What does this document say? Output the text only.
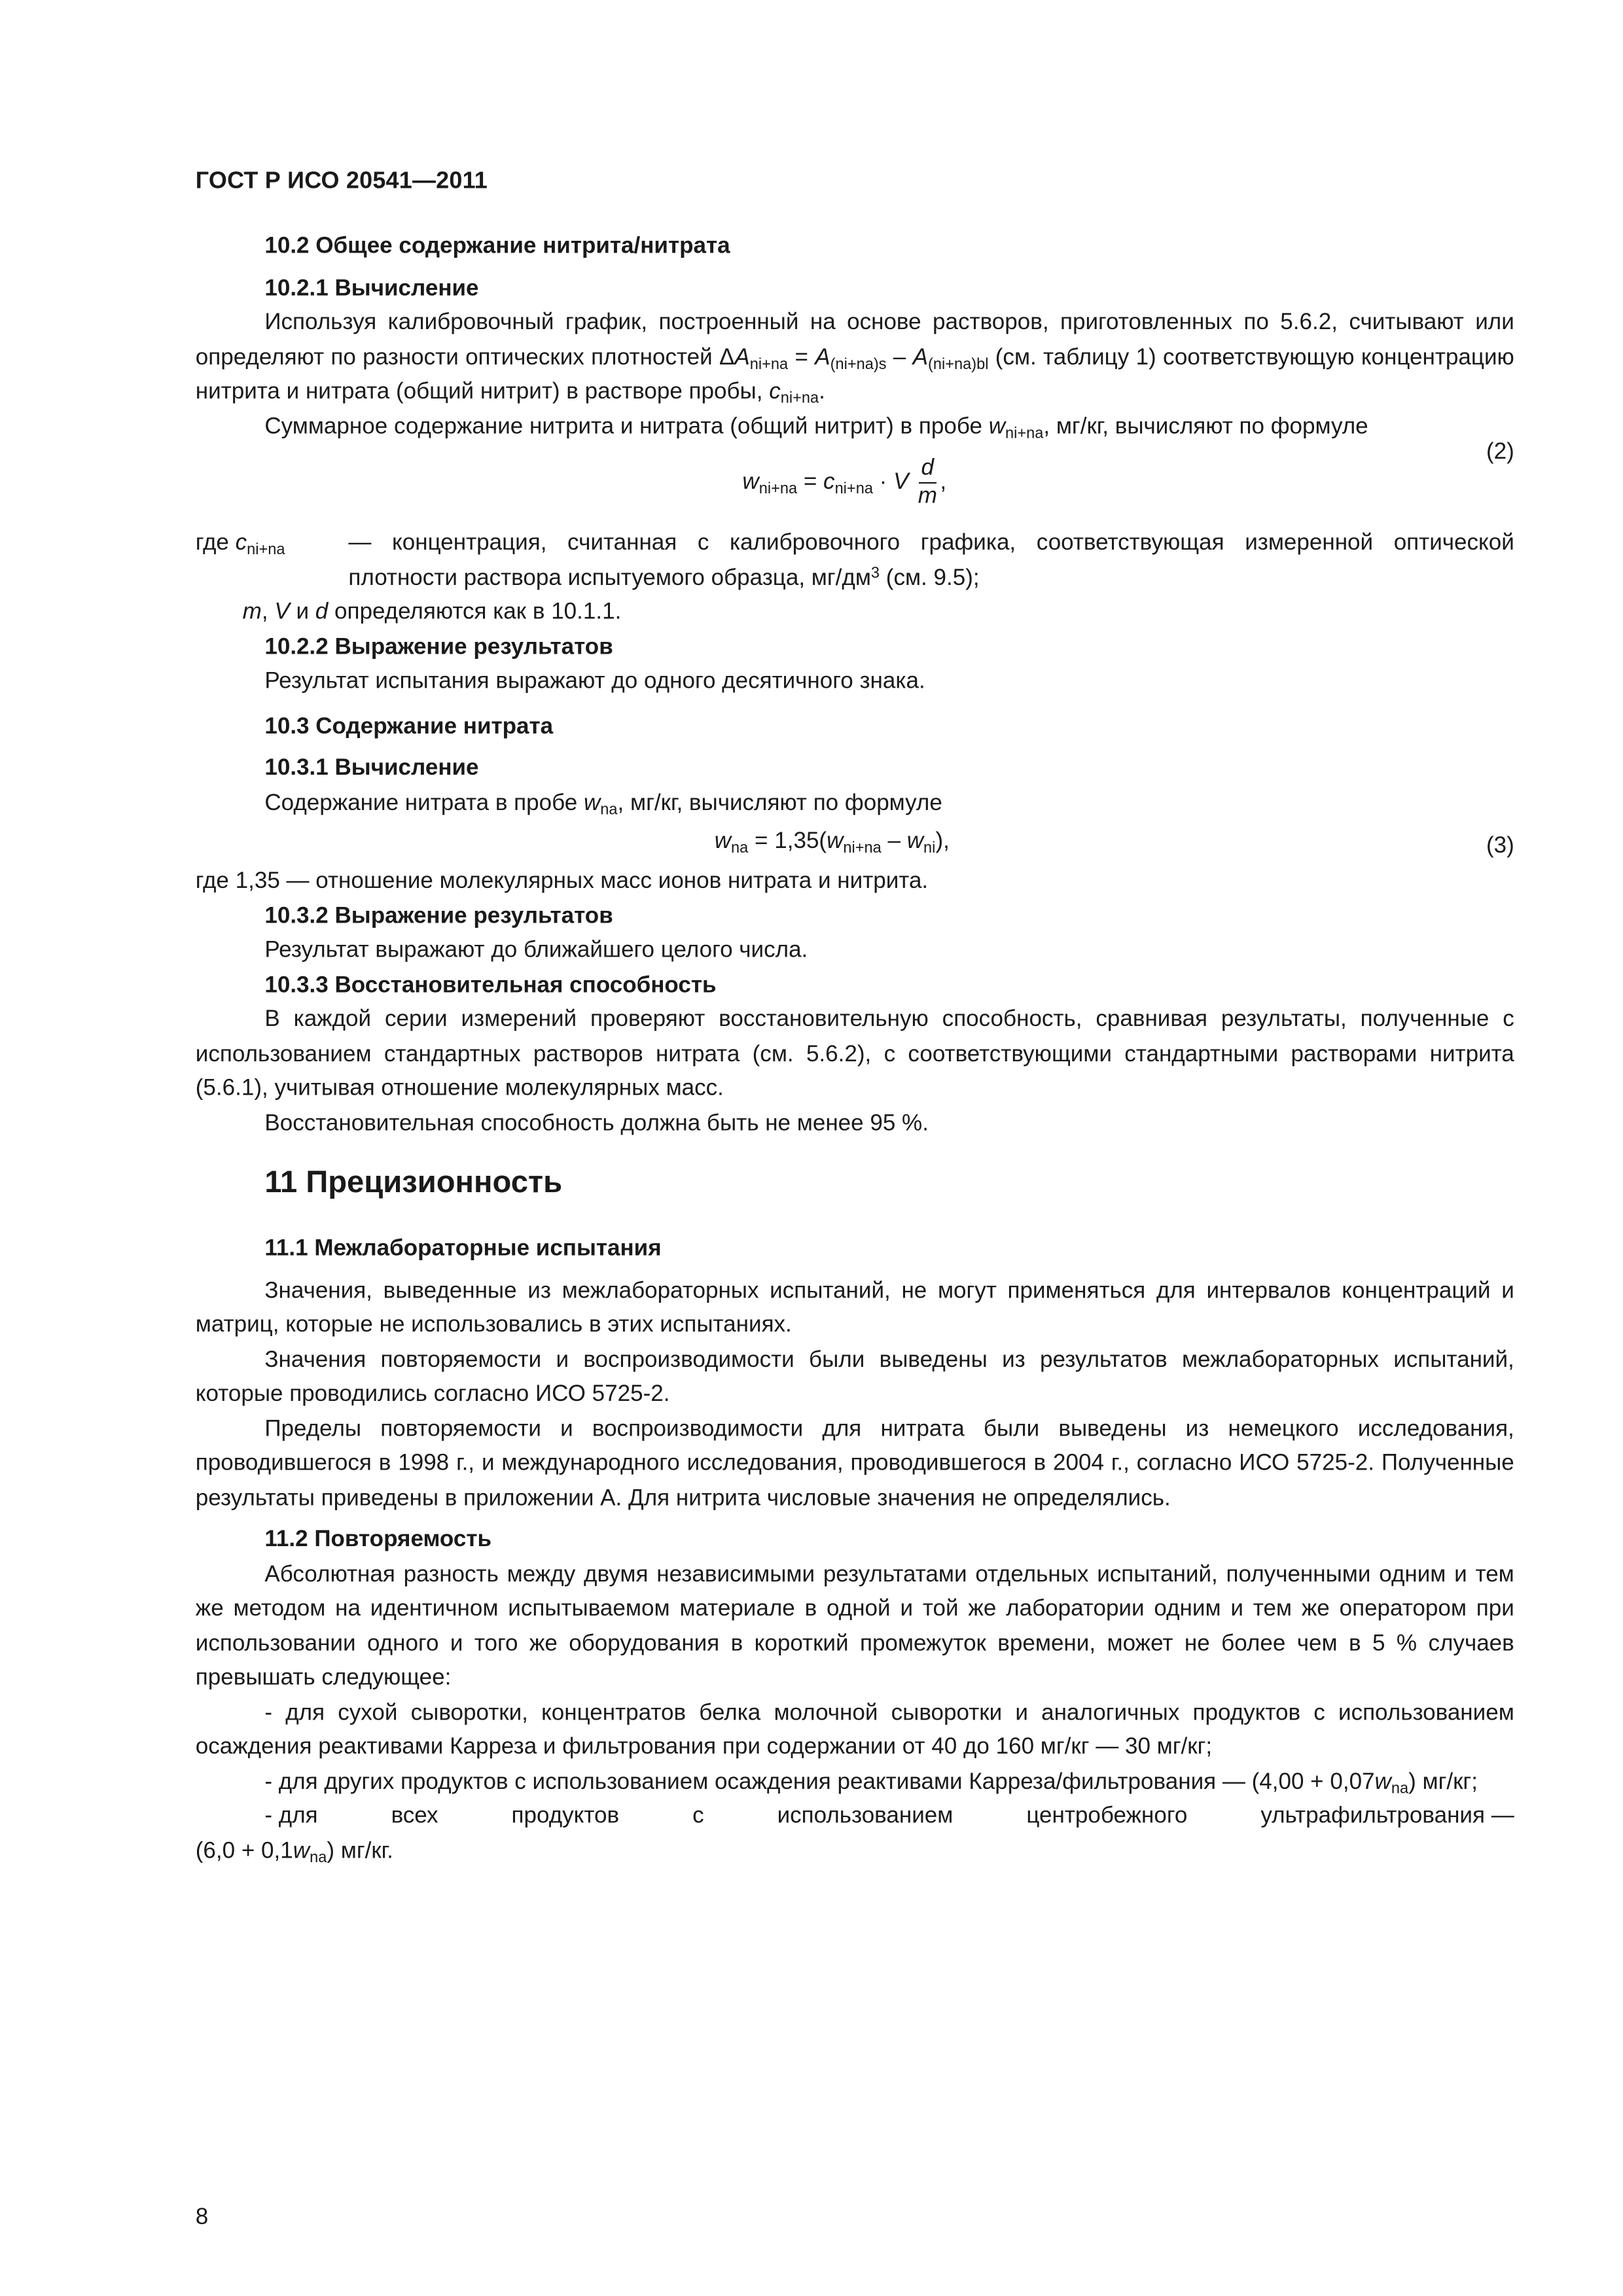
ГОСТ Р ИСО 20541—2011
10.2 Общее содержание нитрита/нитрата
10.2.1 Вычисление
Используя калибровочный график, построенный на основе растворов, приготовленных по 5.6.2, считывают или определяют по разности оптических плотностей $\Delta A_{ni+na} = A_{(ni+na)s} - A_{(ni+na)bl}$ (см. таблицу 1) соответствующую концентрацию нитрита и нитрата (общий нитрит) в растворе пробы, $c_{ni+na}$.
Суммарное содержание нитрита и нитрата (общий нитрит) в пробе $w_{ni+na}$, мг/кг, вычисляют по формуле
$w_{ni+na} = c_{ni+na} \cdot V \frac{d}{m}$ ,
(2)
где $c_{ni+na}$	— концентрация, считанная с калибровочного графика, соответствующая измеренной оптической плотности раствора испытуемого образца, $мг/дм^3$ (см. 9.5);
m, V и d определяются как в 10.1.1.
10.2.2 Выражение результатов
Результат испытания выражают до одного десятичного знака.
10.3 Содержание нитрата
10.3.1 Вычисление
Содержание нитрата в пробе $w_{na}$, мг/кг, вычисляют по формуле
$w_{na} = 1,35(w_{ni+na} - w_{ni})$,	(3)
где 1,35 — отношение молекулярных масс ионов нитрата и нитрита.
10.3.2 Выражение результатов
Результат выражают до ближайшего целого числа.
10.3.3 Восстановительная способность
В каждой серии измерений проверяют восстановительную способность, сравнивая результаты, полученные с использованием стандартных растворов нитрата (см. 5.6.2), с соответствующими стандартными растворами нитрита (5.6.1), учитывая отношение молекулярных масс.
Восстановительная способность должна быть не менее 95 %.
11 Прецизионность
11.1 Межлабораторные испытания
Значения, выведенные из межлабораторных испытаний, не могут применяться для интервалов концентраций и матриц, которые не использовались в этих испытаниях.
Значения повторяемости и воспроизводимости были выведены из результатов межлабораторных испытаний, которые проводились согласно ИСО 5725-2.
Пределы повторяемости и воспроизводимости для нитрата были выведены из немецкого исследования, проводившегося в 1998 г., и международного исследования, проводившегося в 2004 г., согласно ИСО 5725-2. Полученные результаты приведены в приложении А. Для нитрита числовые значения не определялись.
11.2 Повторяемость
Абсолютная разность между двумя независимыми результатами отдельных испытаний, полученными одним и тем же методом на идентичном испытываемом материале в одной и той же лаборатории одним и тем же оператором при использовании одного и того же оборудования в короткий промежуток времени, может не более чем в 5 % случаев превышать следующее:
- для сухой сыворотки, концентратов белка молочной сыворотки и аналогичных продуктов с использованием осаждения реактивами Карреза и фильтрования при содержании от 40 до 160 мг/кг — 30 мг/кг;
- для других продуктов с использованием осаждения реактивами Карреза/фильтрования — $(4,00 + 0,07w_{na})$ мг/кг;
- для	всех	продуктов	с	использованием	центробежного	ультрафильтрования —
$(6,0 + 0,1w_{na})$ мг/кг.
8
